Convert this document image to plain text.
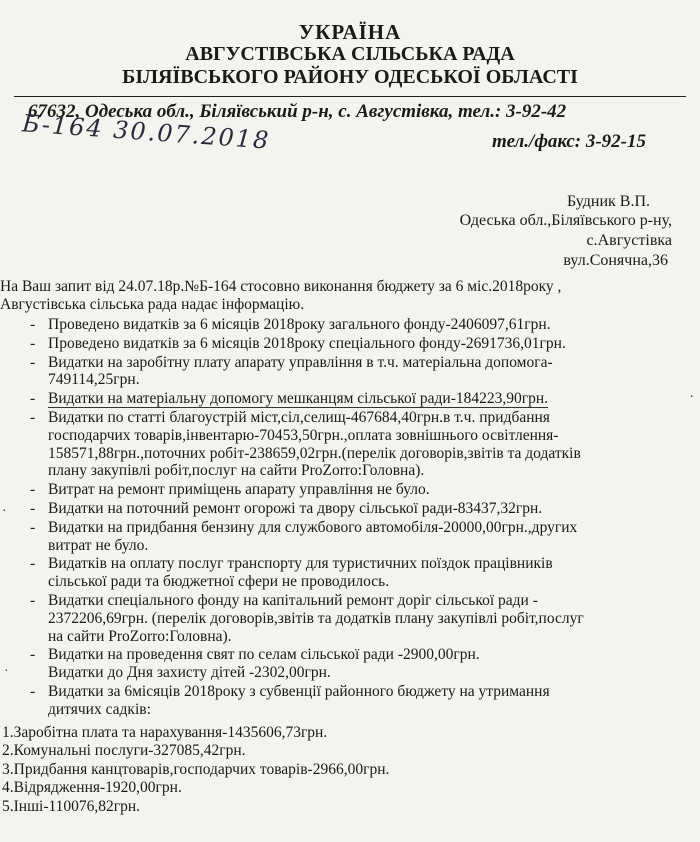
УКРАЇНА
АВГУСТІВСЬКА СІЛЬСЬКА РАДА
БІЛЯЇВСЬКОГО РАЙОНУ ОДЕСЬКОЇ ОБЛАСТІ
67632, Одеська обл., Біляївський р-н, с. Августівка, тел.: 3-92-42
Б-164 30.07.2018	тел./факс: 3-92-15
Будник В.П.
Одеська обл.,Біляївського р-ну,
с.Августівка
вул.Сонячна,36
На Ваш запит від 24.07.18р.№Б-164 стосовно виконання бюджету за 6 міс.2018року ,
Августівська сільська рада надає інформацію.
- Проведено видатків за 6 місяців 2018року загального фонду-2406097,61грн.
- Проведено видатків за 6 місяців 2018року спеціального фонду-2691736,01грн.
- Видатки на заробітну плату апарату управління в т.ч. матеріальна допомога-
749114,25грн.
- Видатки на матеріальну допомогу мешканцям сільської ради-184223,90грн.
- Видатки по статті благоустрій міст,сіл,селищ-467684,40грн.в т.ч. придбання
господарчих товарів,інвентарю-70453,50грн.,оплата зовнішнього освітлення-
158571,88грн.,поточних робіт-238659,02грн.(перелік договорів,звітів та додатків
плану закупівлі робіт,послуг на сайти ProZorro:Головна).
- Витрат на ремонт приміщень апарату управління не було.
- Видатки на поточний ремонт огорожі та двору сільської ради-83437,32грн.
- Видатки на придбання бензину для службового автомобіля-20000,00грн.,других
витрат не було.
- Видатків на оплату послуг транспорту для туристичних поїздок працівників
сільської ради та бюджетної сфери не проводилось.
- Видатки спеціального фонду на капітальний ремонт доріг сільської ради -
2372206,69грн. (перелік договорів,звітів та додатків плану закупівлі робіт,послуг
на сайти ProZorro:Головна).
- Видатки на проведення свят по селам сільської ради -2900,00грн.
Видатки до Дня захисту дітей -2302,00грн.
- Видатки за 6місяців 2018року з субвенції районного бюджету на утримання
дитячих садків:
1.Заробітна плата та нарахування-1435606,73грн.
2.Комунальні послуги-327085,42грн.
3.Придбання канцтоварів,господарчих товарів-2966,00грн.
4.Відрядження-1920,00грн.
5.Інші-110076,82грн.
·
·
·
